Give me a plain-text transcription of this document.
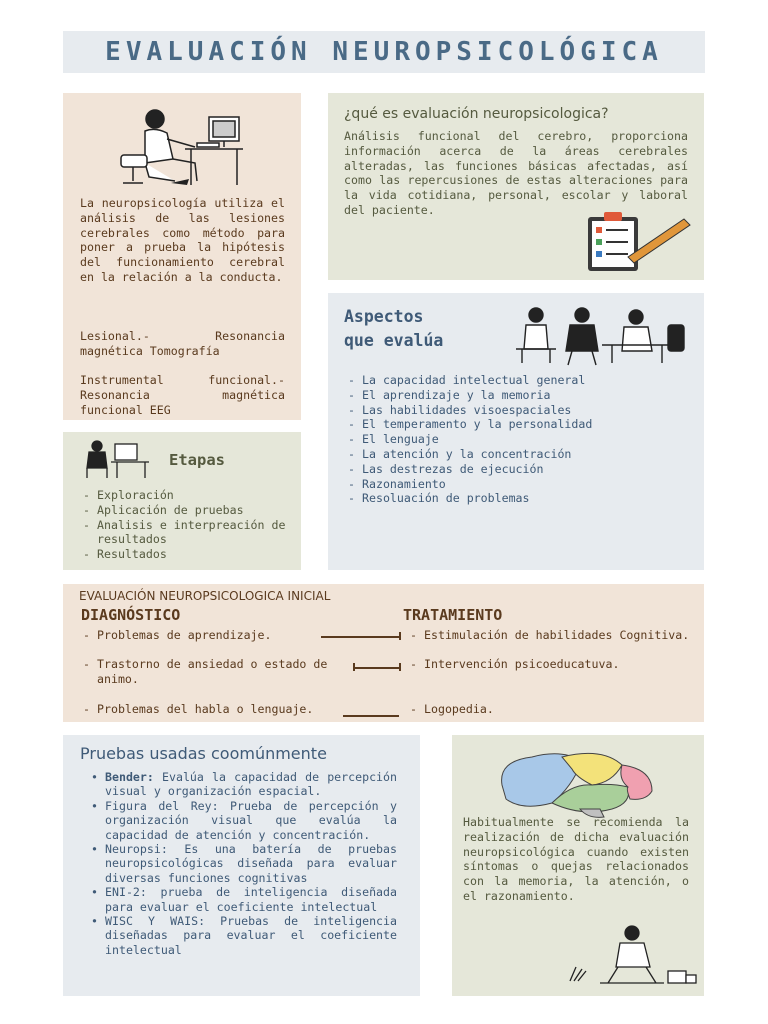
EVALUACIÓN NEUROPSICOLÓGICA
La neuropsicología utiliza el análisis de las lesiones cerebrales como método para poner a prueba la hipótesis del funcionamiento cerebral en la relación a la conducta.
Lesional.- Resonancia magnética Tomografía
Instrumental funcional.- Resonancia magnética funcional EEG
¿qué es evaluación neuropsicologica?
Análisis funcional del cerebro, proporciona información acerca de la áreas cerebrales alteradas, las funciones básicas afectadas, así como las repercusiones de estas alteraciones para la vida cotidiana, personal, escolar y laboral del paciente.
Aspectos
que evalúa
- La capacidad intelectual general
- El aprendizaje y la memoria
- Las habilidades visoespaciales
- El temperamento y la personalidad
- El lenguaje
- La atención y la concentración
- Las destrezas de ejecución
- Razonamiento
- Resoluación de problemas
Etapas
- Exploración
- Aplicación de pruebas
- Analisis e interpreación de resultados
- Resultados
EVALUACIÓN NEUROPSICOLOGICA INICIAL
DIAGNÓSTICO	TRATAMIENTO
- Problemas de aprendizaje.
- Trastorno de ansiedad o estado de animo.
- Problemas del habla o lenguaje.
- Estimulación de habilidades Cognitiva.
- Intervención psicoeducatuva.
- Logopedia.
Pruebas usadas coomúnmente
• Bender: Evalúa la capacidad de percepción visual y organización espacial.
• Figura del Rey: Prueba de percepción y organización visual que evalúa la capacidad de atención y concentración.
• Neuropsi: Es una batería de pruebas neuropsicológicas diseñada para evaluar diversas funciones cognitivas
• ENI-2: prueba de inteligencia diseñada para evaluar el coeficiente intelectual
• WISC Y WAIS: Pruebas de inteligencia diseñadas para evaluar el coeficiente intelectual
Habitualmente se recomienda la realización de dicha evaluación neuropsicológica cuando existen síntomas o quejas relacionados con la memoria, la atención, o el razonamiento.
